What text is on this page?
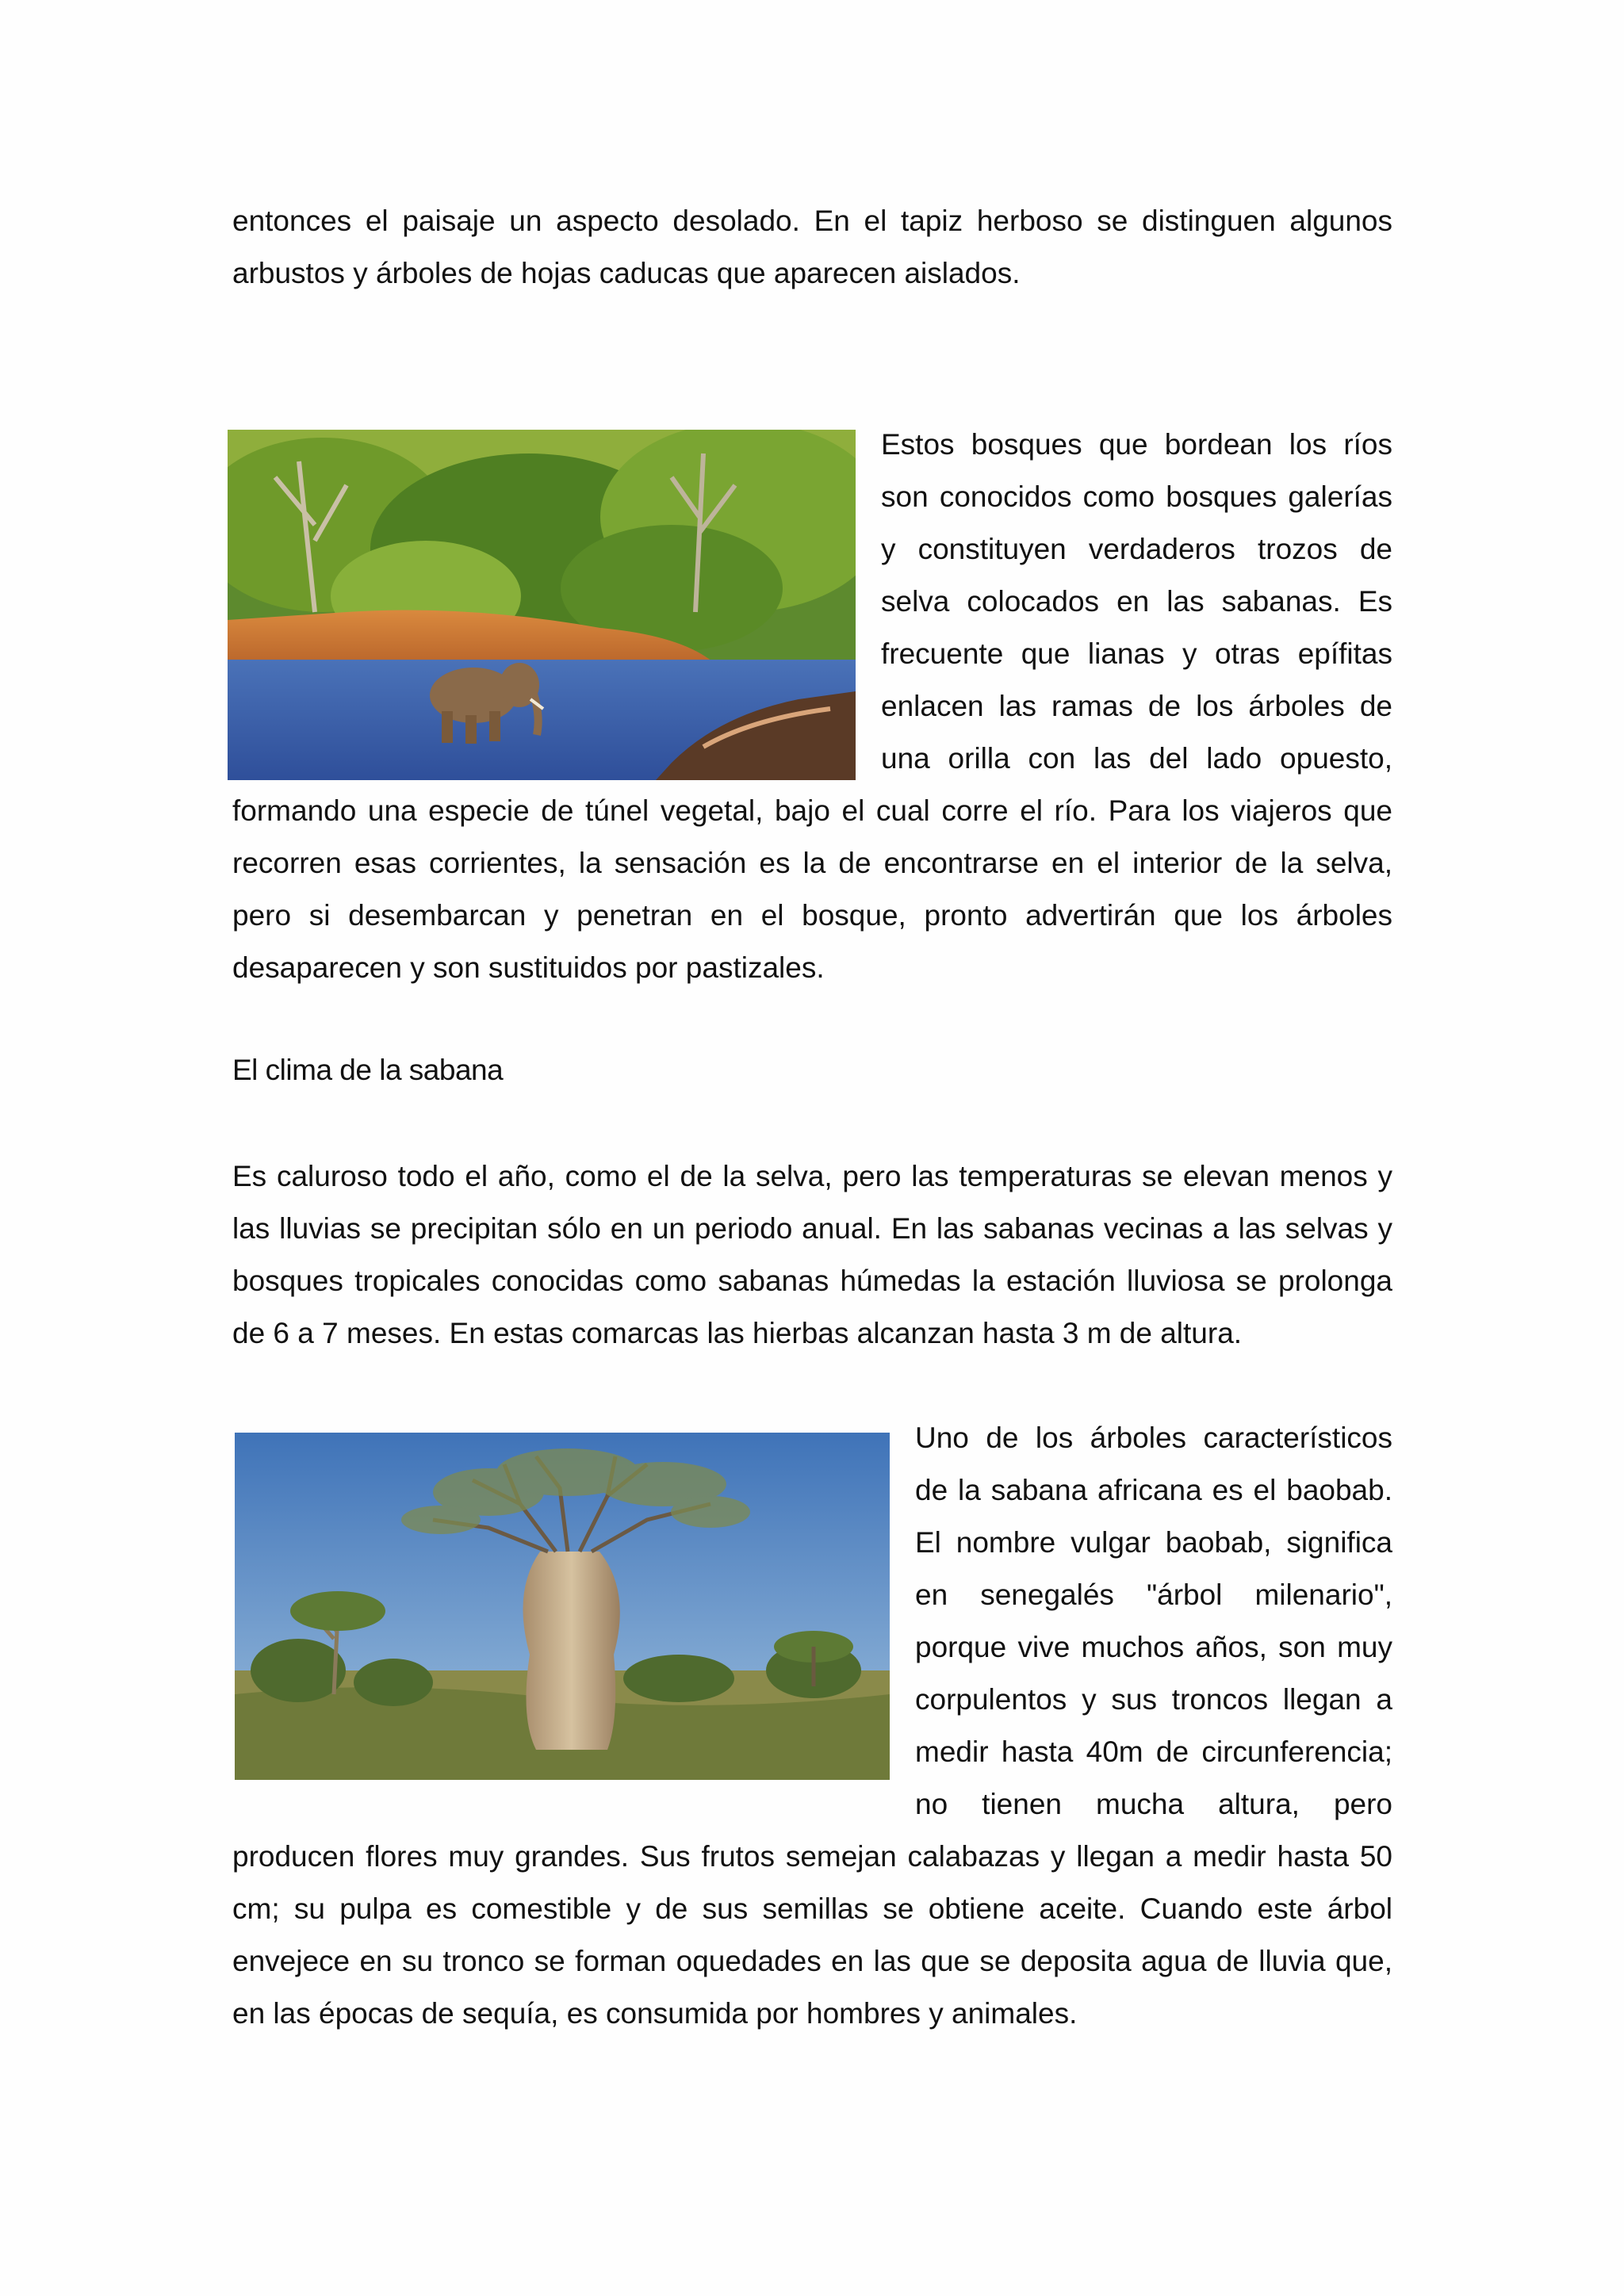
entonces el paisaje un aspecto desolado. En el tapiz herboso se distinguen algunos arbustos y árboles de hojas caducas que aparecen aislados.

Estos bosques que bordean los ríos son conocidos como bosques galerías y constituyen verdaderos trozos de selva colocados en las sabanas. Es frecuente que lianas y otras epífitas enlacen las ramas de los árboles de una orilla con las del lado opuesto, formando una especie de túnel vegetal, bajo el cual corre el río. Para los viajeros que recorren esas corrientes, la sensación es la de encontrarse en el interior de la selva, pero si desembarcan y penetran en el bosque, pronto advertirán que los árboles desaparecen y son sustituidos por pastizales.

El clima de la sabana

Es caluroso todo el año, como el de la selva, pero las temperaturas se elevan menos y las lluvias se precipitan sólo en un periodo anual. En las sabanas vecinas a las selvas y bosques tropicales conocidas como sabanas húmedas la estación lluviosa se prolonga de 6 a 7 meses. En estas comarcas las hierbas alcanzan hasta 3 m de altura.

Uno de los árboles característicos de la sabana africana es el baobab. El nombre vulgar baobab, significa en senegalés "árbol milenario", porque vive muchos años, son muy corpulentos y sus troncos llegan a medir hasta 40m de circunferencia; no tienen mucha altura, pero producen flores muy grandes. Sus frutos semejan calabazas y llegan a medir hasta 50 cm; su pulpa es comestible y de sus semillas se obtiene aceite. Cuando este árbol envejece en su tronco se forman oquedades en las que se deposita agua de lluvia que, en las épocas de sequía, es consumida por hombres y animales.
